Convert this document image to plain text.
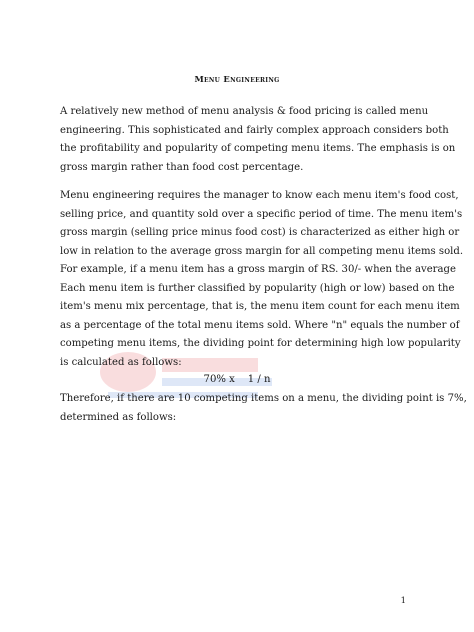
Menu Engineering

A relatively new method of menu analysis & food pricing is called menu
engineering. This sophisticated and fairly complex approach considers both
the profitability and popularity of competing menu items. The emphasis is on
gross margin rather than food cost percentage.

Menu engineering requires the manager to know each menu item's food cost,
selling price, and quantity sold over a specific period of time. The menu item's
gross margin (selling price minus food cost) is characterized as either high or
low in relation to the average gross margin for all competing menu items sold.

For example, if a menu item has a gross margin of RS. 30/- when the average
Each menu item is further classified by popularity (high or low) based on the
item's menu mix percentage, that is, the menu item count for each menu item
as a percentage of the total menu items sold. Where "n" equals the number of
competing menu items, the dividing point for determining high low popularity
is calculated as follows:

70% x    1 / n

Therefore, if there are 10 competing items on a menu, the dividing point is 7%,
determined as follows:

1
